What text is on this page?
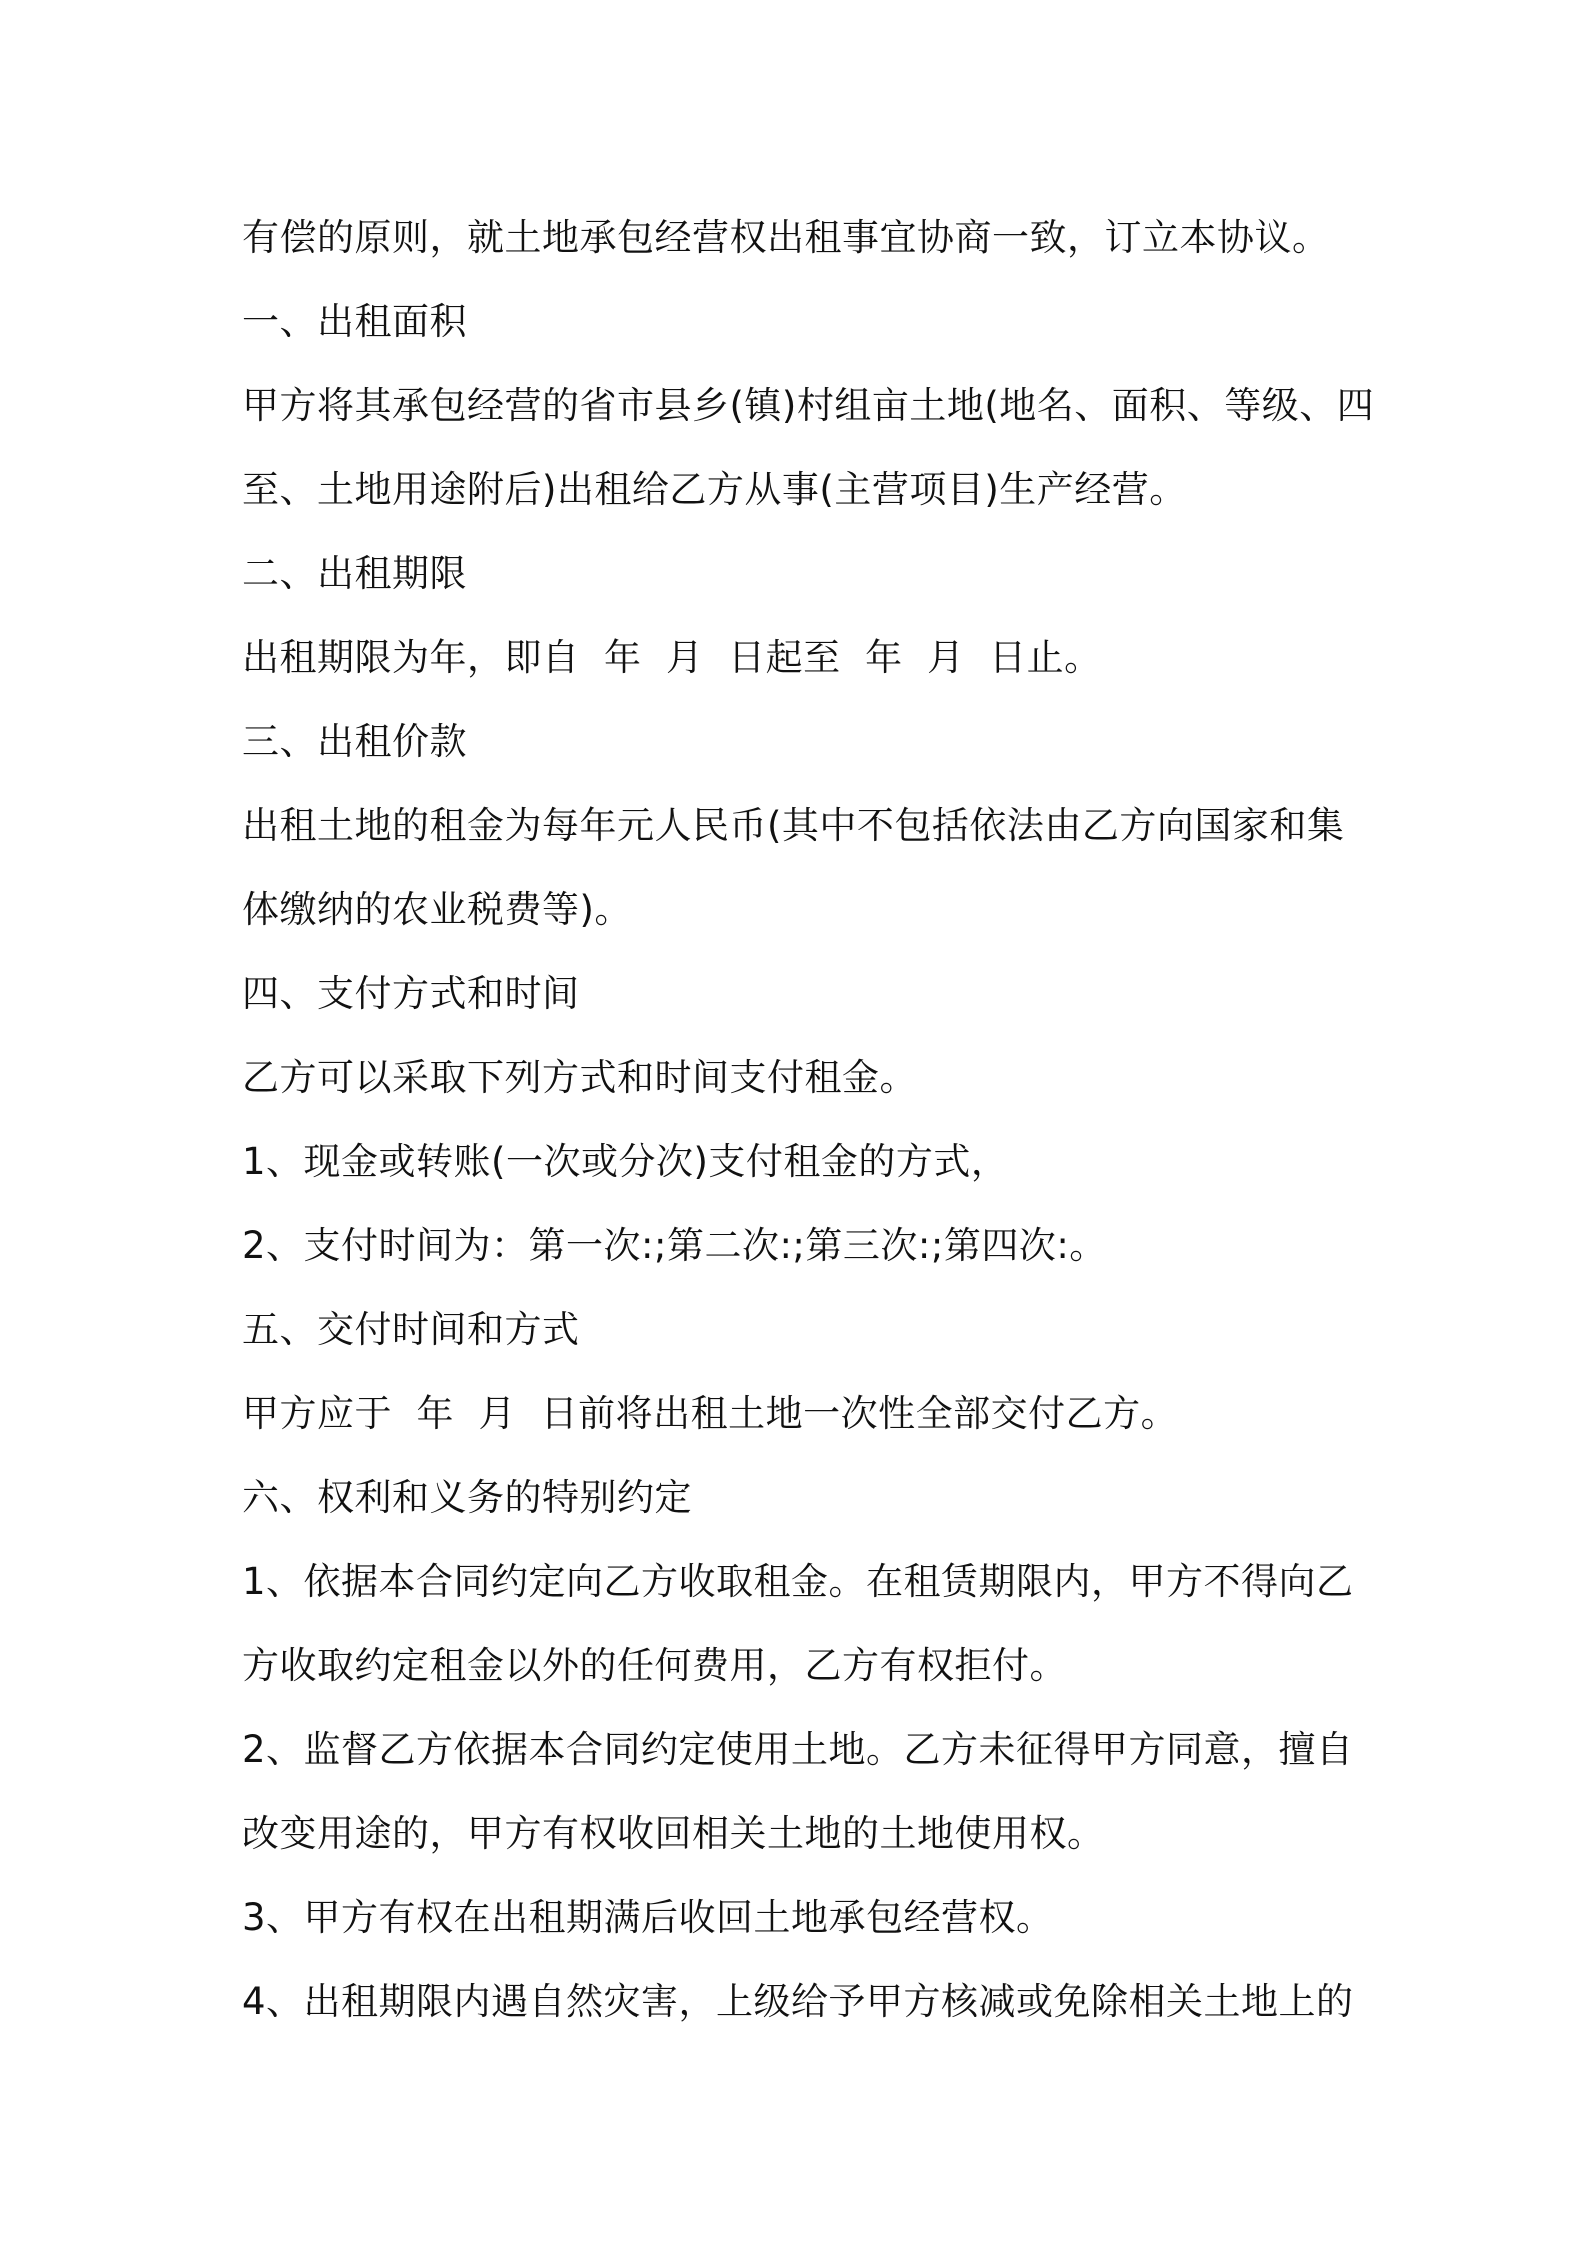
有偿的原则，就土地承包经营权出租事宜协商一致，订立本协议。
一、出租面积
甲方将其承包经营的省市县乡(镇)村组亩土地(地名、面积、等级、四
至、土地用途附后)出租给乙方从事(主营项目)生产经营。
二、出租期限
出租期限为年，即自  年  月  日起至  年  月  日止。
三、出租价款
出租土地的租金为每年元人民币(其中不包括依法由乙方向国家和集
体缴纳的农业税费等)。
四、支付方式和时间
乙方可以采取下列方式和时间支付租金。
1、现金或转账(一次或分次)支付租金的方式，
2、支付时间为：第一次:;第二次:;第三次:;第四次:。
五、交付时间和方式
甲方应于  年  月  日前将出租土地一次性全部交付乙方。
六、权利和义务的特别约定
1、依据本合同约定向乙方收取租金。在租赁期限内，甲方不得向乙
方收取约定租金以外的任何费用，乙方有权拒付。
2、监督乙方依据本合同约定使用土地。乙方未征得甲方同意，擅自
改变用途的，甲方有权收回相关土地的土地使用权。
3、甲方有权在出租期满后收回土地承包经营权。
4、出租期限内遇自然灾害，上级给予甲方核减或免除相关土地上的
